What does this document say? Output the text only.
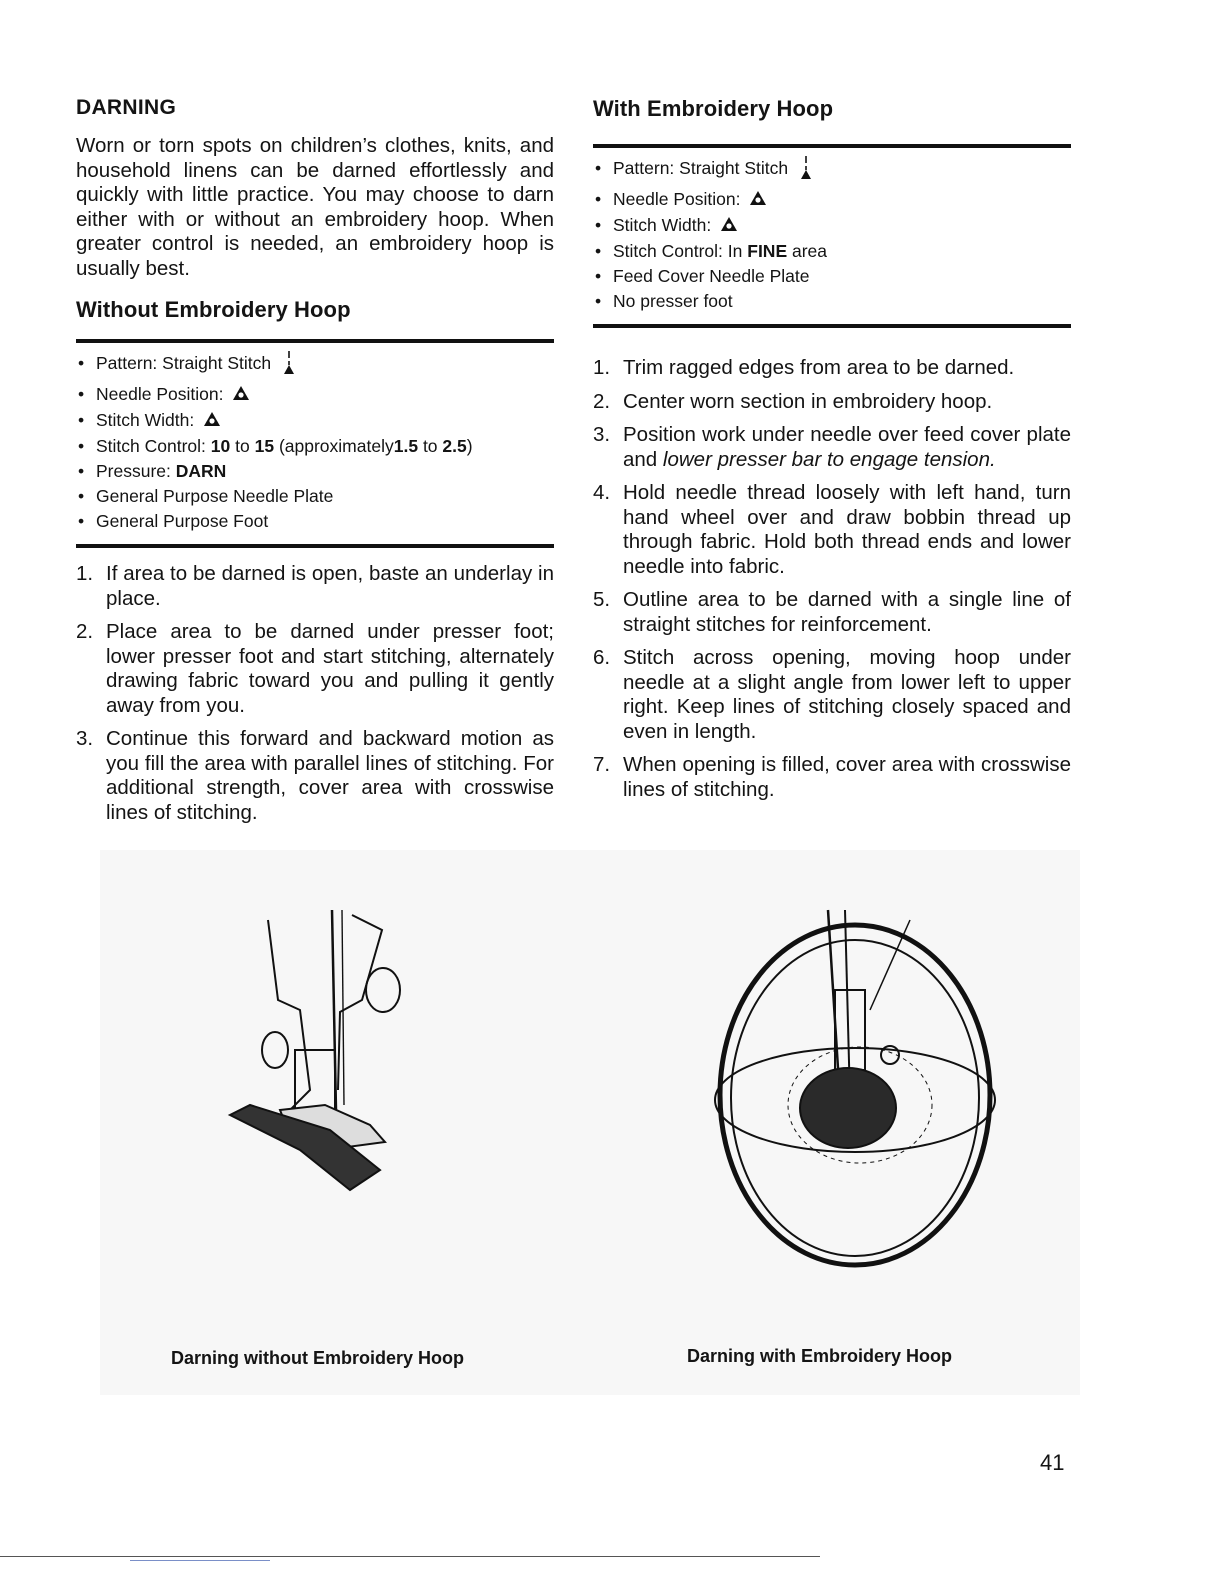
DARNING

Worn or torn spots on children’s clothes, knits, and household linens can be darned effortlessly and quickly with little practice. You may choose to darn either with or without an embroidery hoop. When greater control is needed, an embroidery hoop is usually best.

Without Embroidery Hoop
• Pattern: Straight Stitch
• Needle Position:
• Stitch Width:
• Stitch Control: 10 to 15 (approximately1.5 to 2.5)
• Pressure: DARN
• General Purpose Needle Plate
• General Purpose Foot
1. If area to be darned is open, baste an underlay in place.
2. Place area to be darned under presser foot; lower presser foot and start stitching, alternately drawing fabric toward you and pulling it gently away from you.
3. Continue this forward and backward motion as you fill the area with parallel lines of stitching. For additional strength, cover area with crosswise lines of stitching.
With Embroidery Hoop
• Pattern: Straight Stitch
• Needle Position:
• Stitch Width:
• Stitch Control: In FINE area
• Feed Cover Needle Plate
• No presser foot
1. Trim ragged edges from area to be darned.
2. Center worn section in embroidery hoop.
3. Position work under needle over feed cover plate and lower presser bar to engage tension.
4. Hold needle thread loosely with left hand, turn hand wheel over and draw bobbin thread up through fabric. Hold both thread ends and lower needle into fabric.
5. Outline area to be darned with a single line of straight stitches for reinforcement.
6. Stitch across opening, moving hoop under needle at a slight angle from lower left to upper right. Keep lines of stitching closely spaced and even in length.
7. When opening is filled, cover area with crosswise lines of stitching.
Darning without Embroidery Hoop	Darning with Embroidery Hoop
41
